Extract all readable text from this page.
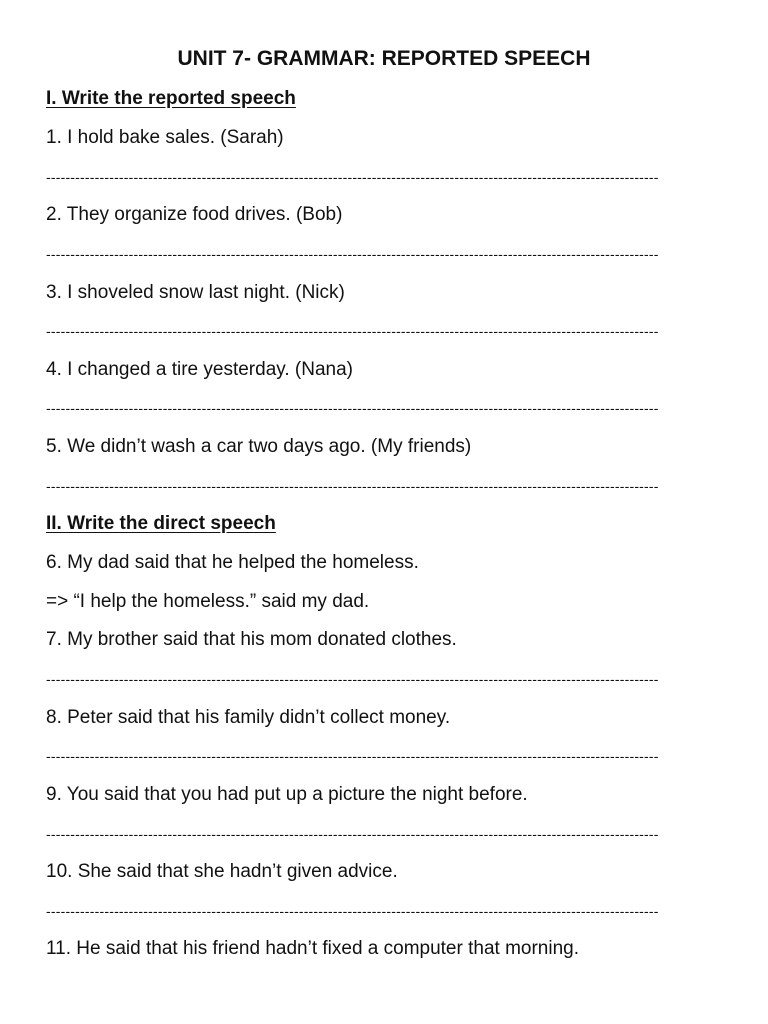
UNIT 7- GRAMMAR: REPORTED SPEECH
I. Write the reported speech
1. I hold bake sales. (Sarah)
------------------------------------------------------------------------------------------------------------------------------
2. They organize food drives. (Bob)
------------------------------------------------------------------------------------------------------------------------------
3. I shoveled snow last night. (Nick)
------------------------------------------------------------------------------------------------------------------------------
4. I changed a tire yesterday. (Nana)
------------------------------------------------------------------------------------------------------------------------------
5. We didn’t wash a car two days ago. (My friends)
------------------------------------------------------------------------------------------------------------------------------
II. Write the direct speech
6. My dad said that he helped the homeless.
=> “I help the homeless.” said my dad.
7. My brother said that his mom donated clothes.
------------------------------------------------------------------------------------------------------------------------------
8. Peter said that his family didn’t collect money.
------------------------------------------------------------------------------------------------------------------------------
9. You said that you had put up a picture the night before.
------------------------------------------------------------------------------------------------------------------------------
10. She said that she hadn’t given advice.
------------------------------------------------------------------------------------------------------------------------------
11. He said that his friend hadn’t fixed a computer that morning.
